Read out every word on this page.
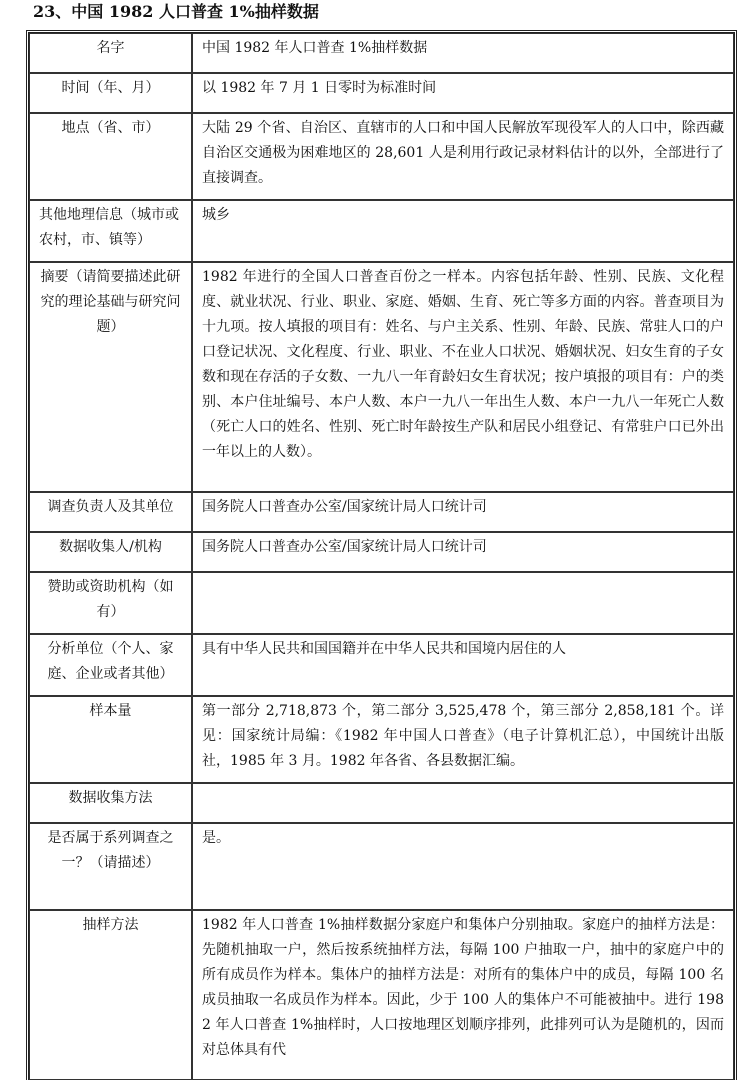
23、中国 1982 人口普查 1%抽样数据
名字	中国 1982 年人口普查 1%抽样数据
时间（年、月）	以 1982 年 7 月 1 日零时为标准时间
地点（省、市）	大陆 29 个省、自治区、直辖市的人口和中国人民解放军现役军人的人口中，除西藏自治区交通极为困难地区的 28,601 人是利用行政记录材料估计的以外，全部进行了直接调查。
其他地理信息（城市或农村，市、镇等）	城乡
摘要（请简要描述此研究的理论基础与研究问题）	1982 年进行的全国人口普查百份之一样本。内容包括年龄、性别、民族、文化程度、就业状况、行业、职业、家庭、婚姻、生育、死亡等多方面的内容。普查项目为十九项。按人填报的项目有：姓名、与户主关系、性别、年龄、民族、常驻人口的户口登记状况、文化程度、行业、职业、不在业人口状况、婚姻状况、妇女生育的子女数和现在存活的子女数、一九八一年育龄妇女生育状况；按户填报的项目有：户的类别、本户住址编号、本户人数、本户一九八一年出生人数、本户一九八一年死亡人数（死亡人口的姓名、性别、死亡时年龄按生产队和居民小组登记、有常驻户口已外出一年以上的人数）。
调查负责人及其单位	国务院人口普查办公室/国家统计局人口统计司
数据收集人/机构	国务院人口普查办公室/国家统计局人口统计司
赞助或资助机构（如有）	
分析单位（个人、家庭、企业或者其他）	具有中华人民共和国国籍并在中华人民共和国境内居住的人
样本量	第一部分 2,718,873 个，第二部分 3,525,478 个，第三部分 2,858,181 个。详见：国家统计局编：《1982 年中国人口普查》（电子计算机汇总），中国统计出版社，1985 年 3 月。1982 年各省、各县数据汇编。
数据收集方法	
是否属于系列调查之一？（请描述）	是。
抽样方法	1982 年人口普查 1%抽样数据分家庭户和集体户分别抽取。家庭户的抽样方法是：先随机抽取一户，然后按系统抽样方法，每隔 100 户抽取一户，抽中的家庭户中的所有成员作为样本。集体户的抽样方法是：对所有的集体户中的成员，每隔 100 名成员抽取一名成员作为样本。因此，少于 100 人的集体户不可能被抽中。进行 1982 年人口普查 1%抽样时，人口按地理区划顺序排列，此排列可认为是随机的，因而对总体具有代
